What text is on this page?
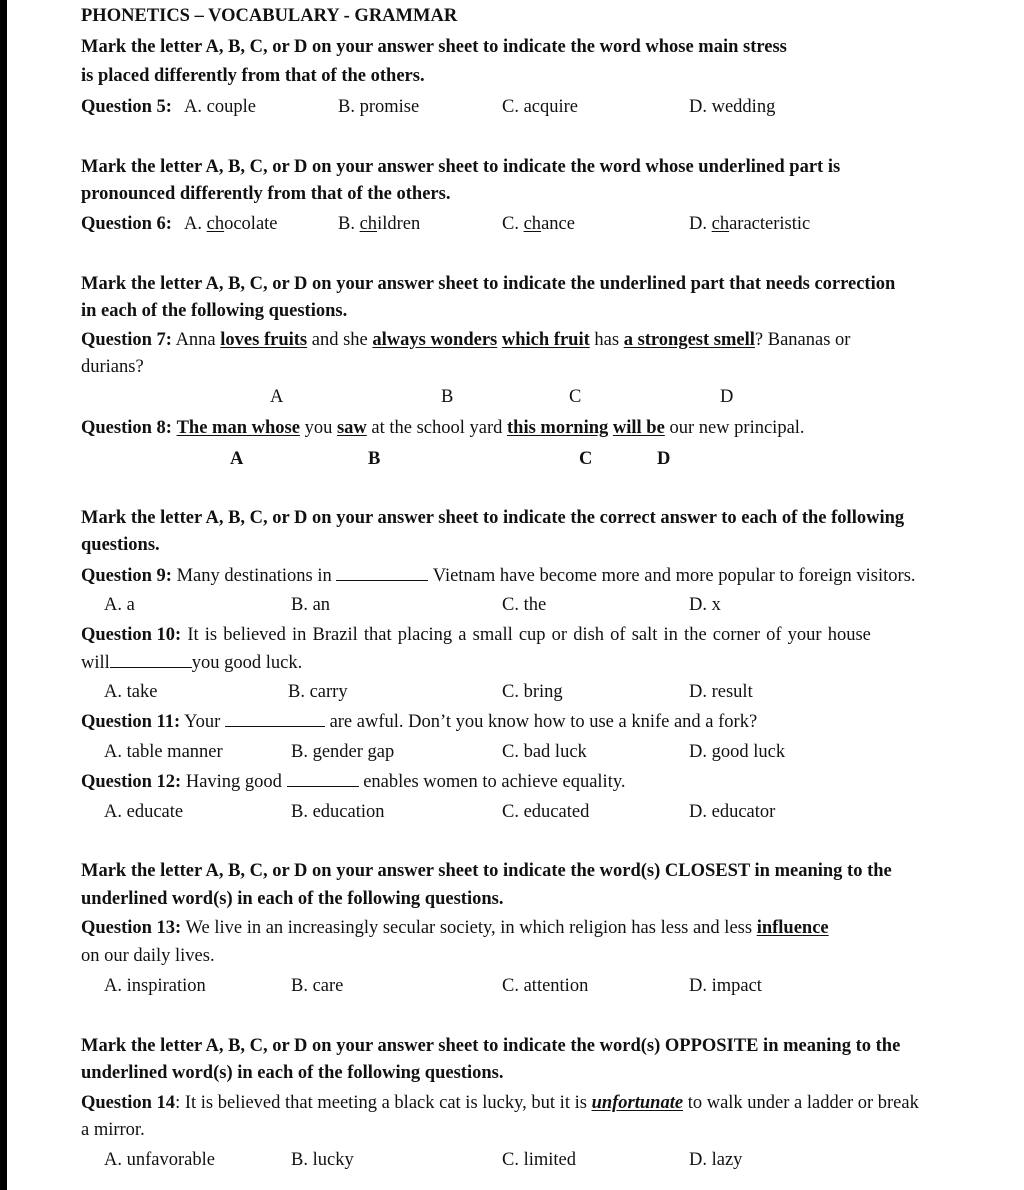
PHONETICS – VOCABULARY - GRAMMAR
Mark the letter A, B, C, or D on your answer sheet to indicate the word whose main stress
is placed differently from that of the others.
Question 5: A. couple	B. promise	C. acquire	D. wedding
Mark the letter A, B, C, or D on your answer sheet to indicate the word whose underlined part is
pronounced differently from that of the others.
Question 6: A. chocolate	B. children	C. chance	D. characteristic
Mark the letter A, B, C, or D on your answer sheet to indicate the underlined part that needs correction
in each of the following questions.
Question 7: Anna loves fruits and she always wonders which fruit has a strongest smell? Bananas or
durians?
A	B	C	D
Question 8: The man whose you saw at the school yard this morning will be our new principal.
A	B	C	D
Mark the letter A, B, C, or D on your answer sheet to indicate the correct answer to each of the following
questions.
Question 9: Many destinations in	Vietnam have become more and more popular to foreign visitors.
A. a	B. an	C. the	D. x
Question 10: It is believed in Brazil that placing a small cup or dish of salt in the corner of your house
will	you good luck.
A. take	B. carry	C. bring	D. result
Question 11: Your	are awful. Don’t you know how to use a knife and a fork?
A. table manner	B. gender gap	C. bad luck	D. good luck
Question 12: Having good	enables women to achieve equality.
A. educate	B. education	C. educated	D. educator
Mark the letter A, B, C, or D on your answer sheet to indicate the word(s) CLOSEST in meaning to the
underlined word(s) in each of the following questions.
Question 13: We live in an increasingly secular society, in which religion has less and less influence
on our daily lives.
A. inspiration	B. care	C. attention	D. impact
Mark the letter A, B, C, or D on your answer sheet to indicate the word(s) OPPOSITE in meaning to the
underlined word(s) in each of the following questions.
Question 14: It is believed that meeting a black cat is lucky, but it is unfortunate to walk under a ladder or break
a mirror.
A. unfavorable	B. lucky	C. limited	D. lazy
